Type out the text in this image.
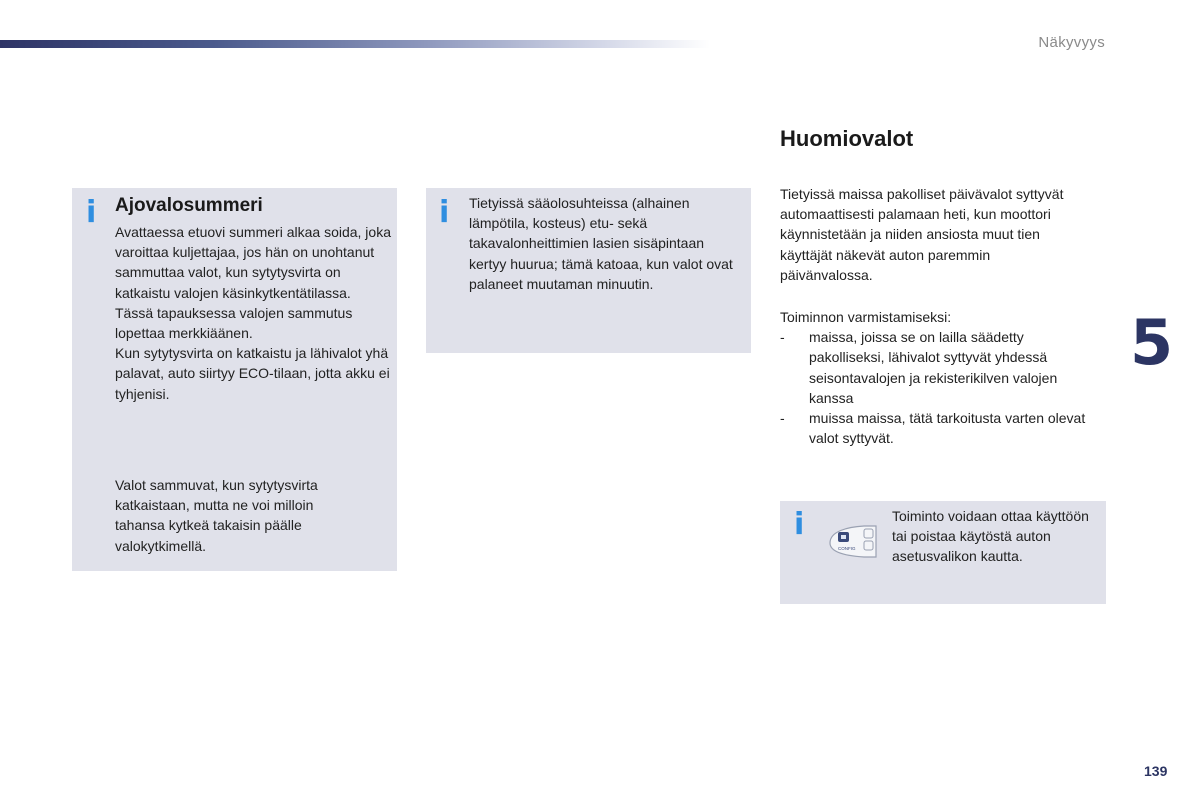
Näkyvyys
i Ajovalosummeri
Avattaessa etuovi summeri alkaa soida, joka varoittaa kuljettajaa, jos hän on unohtanut sammuttaa valot, kun sytytysvirta on katkaistu valojen käsinkytkentätilassa.
Tässä tapauksessa valojen sammutus lopettaa merkkiäänen.
Kun sytytysvirta on katkaistu ja lähivalot yhä palavat, auto siirtyy ECO-tilaan, jotta akku ei tyhjenisi.
Valot sammuvat, kun sytytysvirta katkaistaan, mutta ne voi milloin tahansa kytkeä takaisin päälle valokytkimellä.
i Tietyissä sääolosuhteissa (alhainen lämpötila, kosteus) etu- sekä takavalonheittimien lasien sisäpintaan kertyy huurua; tämä katoaa, kun valot ovat palaneet muutaman minuutin.
Huomiovalot
Tietyissä maissa pakolliset päivävalot syttyvät automaattisesti palamaan heti, kun moottori käynnistetään ja niiden ansiosta muut tien käyttäjät näkevät auton paremmin päivänvalossa.
Toiminnon varmistamiseksi:
- maissa, joissa se on lailla säädetty pakolliseksi, lähivalot syttyvät yhdessä seisontavalojen ja rekisterikilven valojen kanssa
- muissa maissa, tätä tarkoitusta varten olevat valot syttyvät.
i
CONFIG
Toiminto voidaan ottaa käyttöön tai poistaa käytöstä auton asetusvalikon kautta.
5
139
